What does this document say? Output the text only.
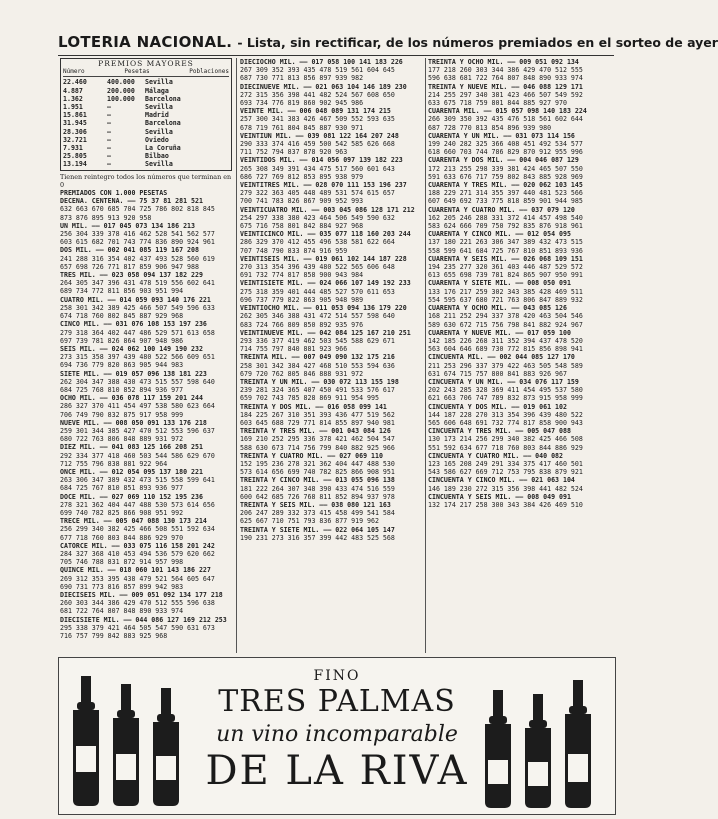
LOTERIA NACIONAL. - Lista, sin rectificar, de los números premiados en el sorteo de ayer
PREMIOS MAYORES
Número	Pesetas	Poblaciones
22.460	400.000	Sevilla
4.887	200.000	Málaga
1.362	100.000	Barcelona
1.951	–	Sevilla
15.861	–	Madrid
31.945	–	Barcelona
28.306	–	Sevilla
32.721	–	Oviedo
7.931	–	La Coruña
25.805	–	Bilbao
13.194	–	Sevilla
Tienen reintegro todos los números que terminan en 0
PREMIADOS CON 1.000 PESETAS
DECENA. CENTENA. —— 75 37 81 281 521
632 663 670 685 704 725 786 802 818 845
873 876 895 913 920 958
UN MIL. —— 017 045 073 134 186 213
256 304 339 378 416 462 528 541 562 577
603 615 682 701 743 774 836 890 924 961
DOS MIL. —— 002 041 085 119 167 208
241 288 316 354 402 437 493 528 560 619
657 698 726 771 817 859 906 947 988
TRES MIL. —— 023 058 094 137 182 229
264 305 347 396 431 478 519 556 602 641
689 734 772 811 856 903 951 994
CUATRO MIL. —— 014 059 093 140 176 221
258 301 342 389 425 466 507 549 596 633
674 718 760 802 845 887 929 968
CINCO MIL. —— 031 076 108 153 197 236
279 318 364 402 447 486 529 571 613 658
697 739 781 826 864 907 948 986
SEIS MIL. —— 024 062 100 149 190 232
273 315 358 397 439 480 522 566 609 651
694 736 779 820 863 905 944 983
SIETE MIL. —— 019 057 096 138 181 223
262 304 347 388 430 473 515 557 598 640
684 725 768 810 852 894 936 977
OCHO MIL. —— 036 078 117 159 201 244
286 327 370 411 454 497 538 580 623 664
706 749 790 832 875 917 958 999
NUEVE MIL. —— 008 050 091 133 176 218
259 301 344 385 427 470 512 553 596 637
680 722 763 806 848 889 931 972
DIEZ MIL. —— 041 083 125 166 208 251
292 334 377 418 460 503 544 586 629 670
712 755 796 838 881 922 964
ONCE MIL. —— 012 054 095 137 180 221
263 306 347 389 432 473 515 558 599 641
684 725 767 810 851 893 936 977
DOCE MIL. —— 027 069 110 152 195 236
278 321 362 404 447 488 530 573 614 656
699 740 782 825 866 908 951 992
TRECE MIL. —— 005 047 088 130 173 214
256 299 340 382 425 466 508 551 592 634
677 718 760 803 844 886 929 970
CATORCE MIL. —— 033 075 116 158 201 242
284 327 368 410 453 494 536 579 620 662
705 746 788 831 872 914 957 998
QUINCE MIL. —— 018 060 101 143 186 227
269 312 353 395 438 479 521 564 605 647
690 731 773 816 857 899 942 983
DIECISEIS MIL. —— 009 051 092 134 177 218
260 303 344 386 429 470 512 555 596 638
681 722 764 807 848 890 933 974
DIECISIETE MIL. —— 044 086 127 169 212 253
295 338 379 421 464 505 547 590 631 673
716 757 799 842 883 925 968
DIECIOCHO MIL. —— 017 058 100 141 183 226
267 309 352 393 435 478 519 561 604 645
687 730 771 813 856 897 939 982
DIECINUEVE MIL. —— 021 063 104 146 189 230
272 315 356 398 441 482 524 567 608 650
693 734 776 819 860 902 945 986
VEINTE MIL. —— 006 048 089 131 174 215
257 300 341 383 426 467 509 552 593 635
678 719 761 804 845 887 930 971
VEINTIUN MIL. —— 039 081 122 164 207 248
290 333 374 416 459 500 542 585 626 668
711 752 794 837 878 920 963
VEINTIDOS MIL. —— 014 056 097 139 182 223
265 308 349 391 434 475 517 560 601 643
686 727 769 812 853 895 938 979
VEINTITRES MIL. —— 028 070 111 153 196 237
279 322 363 405 448 489 531 574 615 657
700 741 783 826 867 909 952 993
VEINTICUATRO MIL. —— 003 045 086 128 171 212
254 297 338 380 423 464 506 549 590 632
675 716 758 801 842 884 927 968
VEINTICINCO MIL. —— 035 077 118 160 203 244
286 329 370 412 455 496 538 581 622 664
707 748 790 833 874 916 959
VEINTISEIS MIL. —— 019 061 102 144 187 228
270 313 354 396 439 480 522 565 606 648
691 732 774 817 858 900 943 984
VEINTISIETE MIL. —— 024 066 107 149 192 233
275 318 359 401 444 485 527 570 611 653
696 737 779 822 863 905 948 989
VEINTIOCHO MIL. —— 011 053 094 136 179 220
262 305 346 388 431 472 514 557 598 640
683 724 766 809 850 892 935 976
VEINTINUEVE MIL. —— 042 084 125 167 210 251
293 336 377 419 462 503 545 588 629 671
714 755 797 840 881 923 966
TREINTA MIL. —— 007 049 090 132 175 216
258 301 342 384 427 468 510 553 594 636
679 720 762 805 846 888 931 972
TREINTA Y UN MIL. —— 030 072 113 155 198
239 281 324 365 407 450 491 533 576 617
659 702 743 785 828 869 911 954 995
TREINTA Y DOS MIL. —— 016 058 099 141
184 225 267 310 351 393 436 477 519 562
603 645 688 729 771 814 855 897 940 981
TREINTA Y TRES MIL. —— 001 043 084 126
169 210 252 295 336 378 421 462 504 547
588 630 673 714 756 799 840 882 925 966
TREINTA Y CUATRO MIL. —— 027 069 110
152 195 236 278 321 362 404 447 488 530
573 614 656 699 740 782 825 866 908 951
TREINTA Y CINCO MIL. —— 013 055 096 138
181 222 264 307 348 390 433 474 516 559
600 642 685 726 768 811 852 894 937 978
TREINTA Y SEIS MIL. —— 038 080 121 163
206 247 289 332 373 415 458 499 541 584
625 667 710 751 793 836 877 919 962
TREINTA Y SIETE MIL. —— 022 064 105 147
190 231 273 316 357 399 442 483 525 568
TREINTA Y OCHO MIL. —— 009 051 092 134
177 218 260 303 344 386 429 470 512 555
596 638 681 722 764 807 848 890 933 974
TREINTA Y NUEVE MIL. —— 046 088 129 171
214 255 297 340 381 423 466 507 549 592
633 675 718 759 801 844 885 927 970
CUARENTA MIL. —— 015 057 098 140 183 224
266 309 350 392 435 476 518 561 602 644
687 728 770 813 854 896 939 980
CUARENTA Y UN MIL. —— 031 073 114 156
199 240 282 325 366 408 451 492 534 577
618 660 703 744 786 829 870 912 955 996
CUARENTA Y DOS MIL. —— 004 046 087 129
172 213 255 298 339 381 424 465 507 550
591 633 676 717 759 802 843 885 928 969
CUARENTA Y TRES MIL. —— 020 062 103 145
188 229 271 314 355 397 440 481 523 566
607 649 692 733 775 818 859 901 944 985
CUARENTA Y CUATRO MIL. —— 037 079 120
162 205 246 288 331 372 414 457 498 540
583 624 666 709 750 792 835 876 918 961
CUARENTA Y CINCO MIL. —— 012 054 095
137 180 221 263 306 347 389 432 473 515
558 599 641 684 725 767 810 851 893 936
CUARENTA Y SEIS MIL. —— 026 068 109 151
194 235 277 320 361 403 446 487 529 572
613 655 698 739 781 824 865 907 950 991
CUARENTA Y SIETE MIL. —— 008 050 091
133 176 217 259 302 343 385 428 469 511
554 595 637 680 721 763 806 847 889 932
CUARENTA Y OCHO MIL. —— 043 085 126
168 211 252 294 337 378 420 463 504 546
589 630 672 715 756 798 841 882 924 967
CUARENTA Y NUEVE MIL. —— 017 059 100
142 185 226 268 311 352 394 437 478 520
563 604 646 689 730 772 815 856 898 941
CINCUENTA MIL. —— 002 044 085 127 170
211 253 296 337 379 422 463 505 548 589
631 674 715 757 800 841 883 926 967
CINCUENTA Y UN MIL. —— 034 076 117 159
202 243 285 328 369 411 454 495 537 580
621 663 706 747 789 832 873 915 958 999
CINCUENTA Y DOS MIL. —— 019 061 102
144 187 228 270 313 354 396 439 480 522
565 606 648 691 732 774 817 858 900 943
CINCUENTA Y TRES MIL. —— 005 047 088
130 173 214 256 299 340 382 425 466 508
551 592 634 677 718 760 803 844 886 929
CINCUENTA Y CUATRO MIL. —— 040 082
123 165 208 249 291 334 375 417 460 501
543 586 627 669 712 753 795 838 879 921
CINCUENTA Y CINCO MIL. —— 021 063 104
146 189 230 272 315 356 398 441 482 524
CINCUENTA Y SEIS MIL. —— 008 049 091
132 174 217 258 300 343 384 426 469 510
FINO
TRES PALMAS
un vino incomparable
DE LA RIVA
